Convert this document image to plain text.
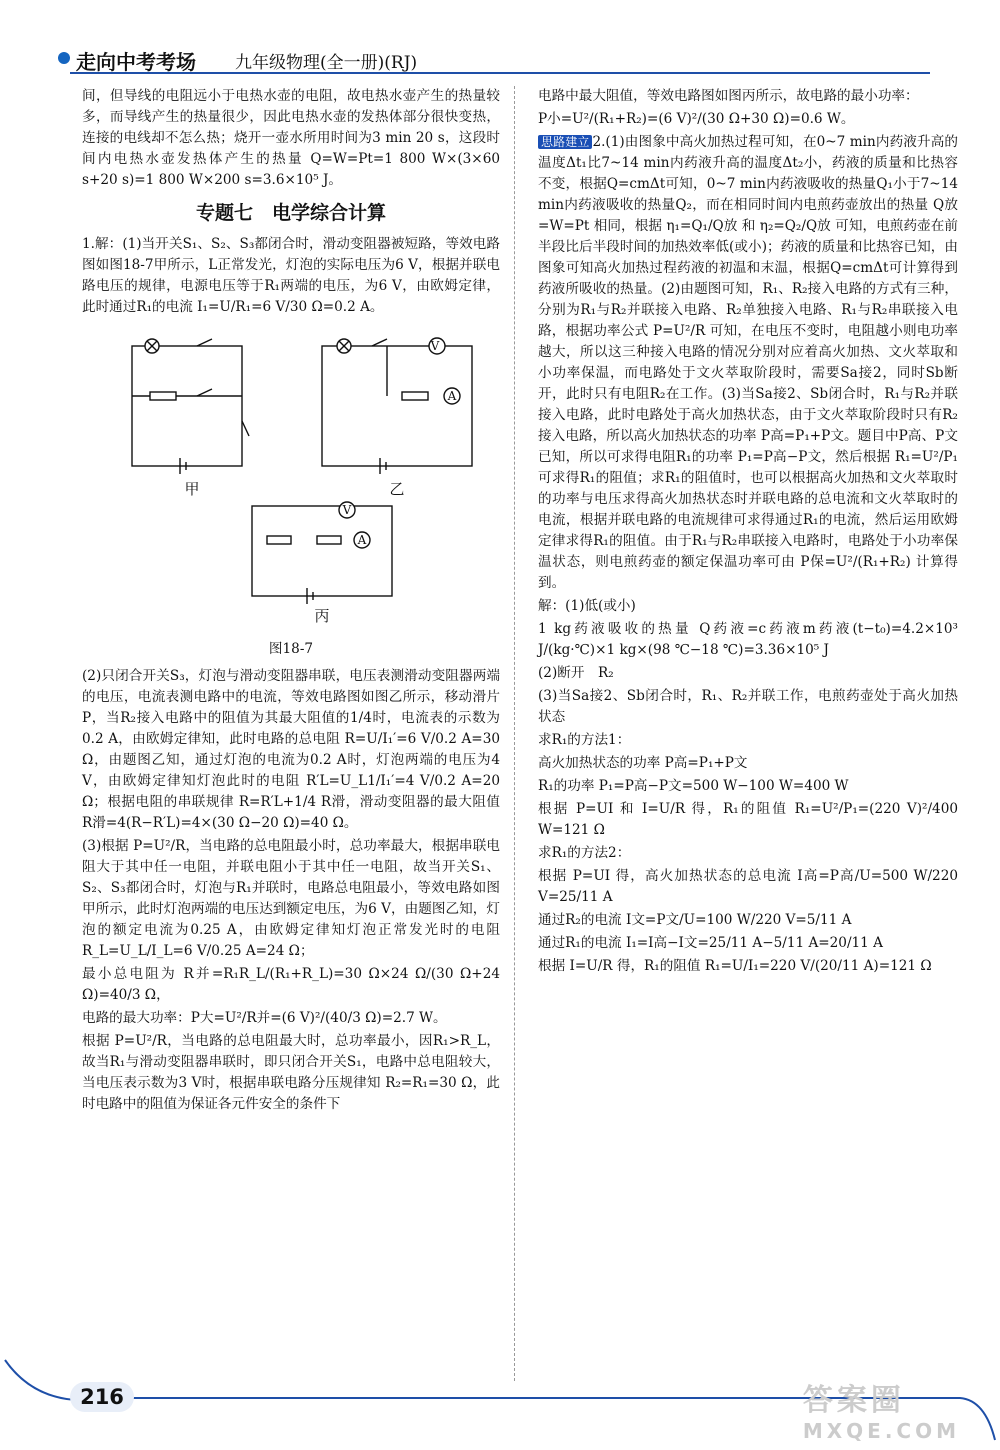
走向中考考场 九年级物理(全一册)(RJ)

间，但导线的电阻远小于电热水壶的电阻，故电热水壶产生的热量较多，而导线产生的热量很少，因此电热水壶的发热体部分很快变热，连接的电线却不怎么热；烧开一壶水所用时间为3 min 20 s，这段时间内电热水壶发热体产生的热量 Q=W=Pt=1 800 W×(3×60 s+20 s)=1 800 W×200 s=3.6×10⁵ J。

专题七　电学综合计算

1.解：(1)当开关S₁、S₂、S₃都闭合时，滑动变阻器被短路，等效电路图如图18-7甲所示，L正常发光，灯泡的实际电压为6 V，根据并联电路电压的规律，电源电压等于R₁两端的电压，为6 V，由欧姆定律，此时通过R₁的电流 I₁=U/R₁=6 V/30 Ω=0.2 A。

V
A
V
A
甲	乙
丙
图18-7

(2)只闭合开关S₃，灯泡与滑动变阻器串联，电压表测滑动变阻器两端的电压，电流表测电路中的电流，等效电路图如图乙所示，移动滑片P，当R₂接入电路中的阻值为其最大阻值的1/4时，电流表的示数为0.2 A，由欧姆定律知，此时电路的总电阻 R=U/I₁′=6 V/0.2 A=30 Ω，由题图乙知，通过灯泡的电流为0.2 A时，灯泡两端的电压为4 V，由欧姆定律知灯泡此时的电阻 R′L=U_L1/I₁′=4 V/0.2 A=20 Ω；根据电阻的串联规律 R=R′L+1/4 R滑，滑动变阻器的最大阻值 R滑=4(R−R′L)=4×(30 Ω−20 Ω)=40 Ω。

(3)根据 P=U²/R，当电路的总电阻最小时，总功率最大，根据串联电阻大于其中任一电阻，并联电阻小于其中任一电阻，故当开关S₁、S₂、S₃都闭合时，灯泡与R₁并联时，电路总电阻最小，等效电路如图甲所示，此时灯泡两端的电压达到额定电压，为6 V，由题图乙知，灯泡的额定电流为0.25 A，由欧姆定律知灯泡正常发光时的电阻 R_L=U_L/I_L=6 V/0.25 A=24 Ω；

最小总电阻为 R并=R₁R_L/(R₁+R_L)=30 Ω×24 Ω/(30 Ω+24 Ω)=40/3 Ω，

电路的最大功率：P大=U²/R并=(6 V)²/(40/3 Ω)=2.7 W。

根据 P=U²/R，当电路的总电阻最大时，总功率最小，因R₁>R_L，故当R₁与滑动变阻器串联时，即只闭合开关S₁，电路中总电阻较大，当电压表示数为3 V时，根据串联电路分压规律知 R₂=R₁=30 Ω，此时电路中的阻值为保证各元件安全的条件下

电路中最大阻值，等效电路图如图丙所示，故电路的最小功率：

P小=U²/(R₁+R₂)=(6 V)²/(30 Ω+30 Ω)=0.6 W。

思路建立 2.(1)由图象中高火加热过程可知，在0~7 min内药液升高的温度Δt₁比7~14 min内药液升高的温度Δt₂小，药液的质量和比热容不变，根据Q=cmΔt可知，0~7 min内药液吸收的热量Q₁小于7~14 min内药液吸收的热量Q₂，而在相同时间内电煎药壶放出的热量 Q放=W=Pt 相同，根据 η₁=Q₁/Q放 和 η₂=Q₂/Q放 可知，电煎药壶在前半段比后半段时间的加热效率低(或小)；药液的质量和比热容已知，由图象可知高火加热过程药液的初温和末温，根据Q=cmΔt可计算得到药液所吸收的热量。(2)由题图可知，R₁、R₂接入电路的方式有三种，分别为R₁与R₂并联接入电路、R₂单独接入电路、R₁与R₂串联接入电路，根据功率公式 P=U²/R 可知，在电压不变时，电阻越小则电功率越大，所以这三种接入电路的情况分别对应着高火加热、文火萃取和小功率保温，而电路处于文火萃取阶段时，需要Sa接2，同时Sb断开，此时只有电阻R₂在工作。(3)当Sa接2、Sb闭合时，R₁与R₂并联接入电路，此时电路处于高火加热状态，由于文火萃取阶段时只有R₂接入电路，所以高火加热状态的功率 P高=P₁+P文。题目中P高、P文已知，所以可求得电阻R₁的功率 P₁=P高−P文，然后根据 R₁=U²/P₁ 可求得R₁的阻值；求R₁的阻值时，也可以根据高火加热和文火萃取时的功率与电压求得高火加热状态时并联电路的总电流和文火萃取时的电流，根据并联电路的电流规律可求得通过R₁的电流，然后运用欧姆定律求得R₁的阻值。由于R₁与R₂串联接入电路时，电路处于小功率保温状态，则电煎药壶的额定保温功率可由 P保=U²/(R₁+R₂) 计算得到。

解：(1)低(或小)

1 kg药液吸收的热量 Q药液=c药液m药液(t−t₀)=4.2×10³ J/(kg·℃)×1 kg×(98 ℃−18 ℃)=3.36×10⁵ J

(2)断开　R₂

(3)当Sa接2、Sb闭合时，R₁、R₂并联工作，电煎药壶处于高火加热状态

求R₁的方法1：

高火加热状态的功率 P高=P₁+P文

R₁的功率 P₁=P高−P文=500 W−100 W=400 W

根据 P=UI 和 I=U/R 得，R₁的阻值 R₁=U²/P₁=(220 V)²/400 W=121 Ω

求R₁的方法2：

根据 P=UI 得，高火加热状态的总电流 I高=P高/U=500 W/220 V=25/11 A

通过R₂的电流 I文=P文/U=100 W/220 V=5/11 A

通过R₁的电流 I₁=I高−I文=25/11 A−5/11 A=20/11 A

根据 I=U/R 得，R₁的阻值 R₁=U/I₁=220 V/(20/11 A)=121 Ω

216	答案圈
MXQE.COM
